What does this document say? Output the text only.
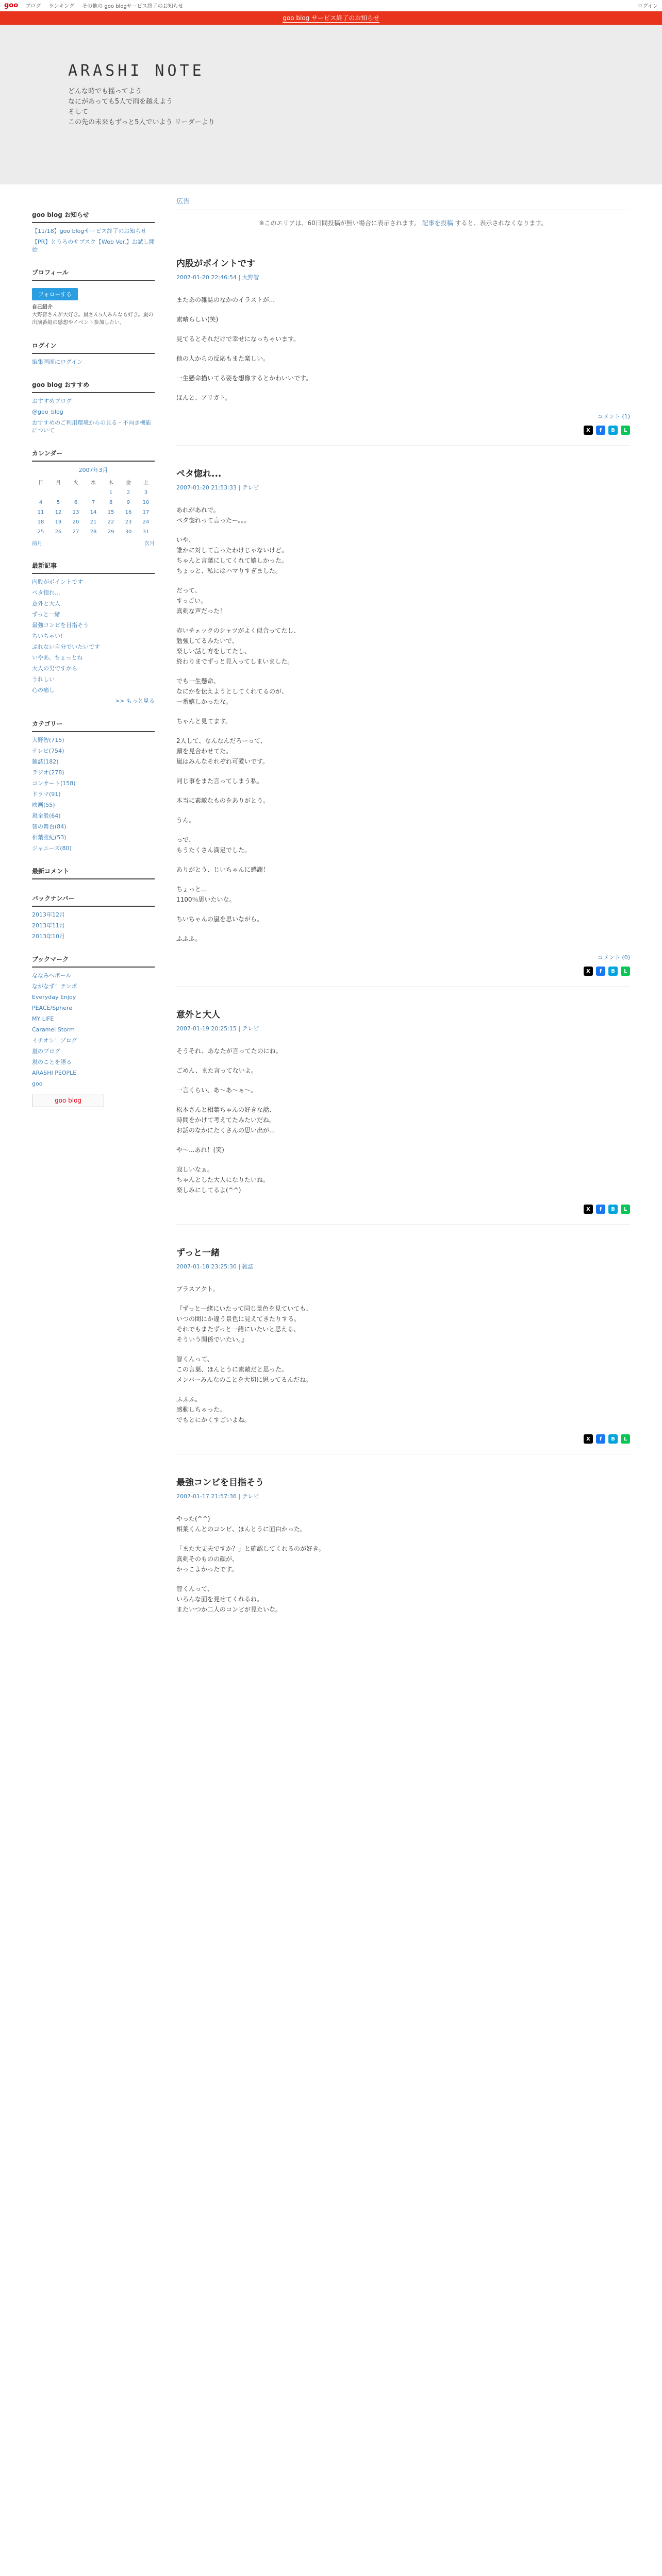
goo ブログ ランキング その他の goo blogサービス終了のお知らせ	ログイン
goo blog サービス終了のお知らせ
ARASHI NOTE
どんな時でも揺ってよう
なにがあっても5人で雨を越えよう
そして
この先の未来もずっと5人でいよう リーダーより
goo blog お知らせ
【11/18】goo blogサービス終了のお知らせ
【PR】とうろのサブスク【Web Ver.】お試し開始
プロフィール
フォローする
自己紹介
大野智さんが大好き。嵐さん5人みんなも好き。嵐の出演番組の感想やイベント参加したい。
ログイン
編集画面にログイン
goo blog おすすめ
おすすめブログ
@goo_blog
おすすめのご利用環境からの見る・不向き機能について
カレンダー
2007年3月
日	月	火	水	木	金	土
				1	2	3
4	5	6	7	8	9	10
11	12	13	14	15	16	17
18	19	20	21	22	23	24
25	26	27	28	29	30	31
前月	次月
最新記事
内股がポイントです
ペタ惚れ...
意外と大人
ずっと一緒
最強コンビを目指そう
ちいちゃい!
ぶれない自分でいたいです
いやあ、ちょっとね
大人の男ですから
うれしい
心の癒し
>> もっと見る
カテゴリー
大野智(715)
テレビ(754)
雑誌(182)
ラジオ(278)
コンサート(158)
ドラマ(91)
映画(55)
嵐全般(64)
智の舞台(84)
相葉雅紀(53)
ジャニーズ(80)
最新コメント
バックナンバー
2013年12月
2013年11月
2013年10月
ブックマーク
ななみへポール
ながなず！テンポ
Everyday Enjoy
PEACE/Sphere
MY LIFE
Caramel Storm
イチオシ！ブログ
嵐のブログ
嵐のことを語る
ARASHI PEOPLE
goo
goo blog
広告
※このエリアは、60日間投稿が無い場合に表示されます。 記事を投稿 すると、表示されなくなります。
内股がポイントです
2007-01-20 22:46:54 | 大野智

またあの雑誌のなかのイラストが...

素晴らしい(笑)

見てるとそれだけで幸せになっちゃいます。

他の人からの反応もまた楽しい。

一生懸命描いてる姿を想像するとかわいいです。

ほんと、アリガト。

コメント (1)
X	f	B	L
ペタ惚れ...
2007-01-20 21:53:33 | テレビ

あれがあれで。
ペタ惚れって言ったー。。。

いや、
誰かに対して言ったわけじゃないけど。
ちゃんと言葉にしてくれて嬉しかった。
ちょっと、私にはハマりすぎました。

だって、
すっごい。
真剣な声だった！

赤いチェックのシャツがよく似合ってたし、
勉強してるみたいで、
楽しい話し方をしてたし、
終わりまでずっと見入ってしまいました。

でも一生懸命、
なにかを伝えようとしてくれてるのが、
一番嬉しかったな。

ちゃんと見てます。

2人して、なんなんだろーって、
顔を見合わせてた。
嵐はみんなそれぞれ可愛いです。

同じ事をまた言ってしまう私。

本当に素敵なものをありがとう。

うん。

っで、
もうたくさん満足でした。

ありがとう、じいちゃんに感謝！

ちょっと...
1100％思いたいな。

ちいちゃんの嵐を思いながら。

ふふふ。

コメント (0)
X	f	B	L
意外と大人
2007-01-19 20:25:15 | テレビ

そうそれ、あなたが言ってたのにね。

ごめん、また言ってないよ。

一言くらい、あ〜あ〜ぁ〜。

松本さんと相葉ちゃんの好きな話、
時間をかけて考えてたみたいだね。
お話のなかにたくさんの思い出が...

や〜...あれ！(笑)

寂しいなぁ。
ちゃんとした大人になりたいね。
楽しみにしてるよ(^^)

X	f	B	L
ずっと一緒
2007-01-18 23:25:30 | 雑誌

プラスアクト。

『ずっと一緒にいたって同じ景色を見ていても、
いつの間にか違う景色に見えてきたりする。
それでもまたずっと一緒にいたいと思える、
そういう関係でいたい。』

智くんって、
この言葉、ほんとうに素敵だと思った。
メンバーみんなのことを大切に思ってるんだね。

ふふふ。
感動しちゃった。
でもとにかくすごいよね。

X	f	B	L
最強コンビを目指そう
2007-01-17 21:57:36 | テレビ

やった(^^)
相葉くんとのコンビ、ほんとうに面白かった。

「また大丈夫ですか？」と確認してくれるのが好き。
真剣そのものの顔が、
かっこよかったです。

智くんって、
いろんな面を見せてくれるね。
またいつか二人のコンビが見たいな。
